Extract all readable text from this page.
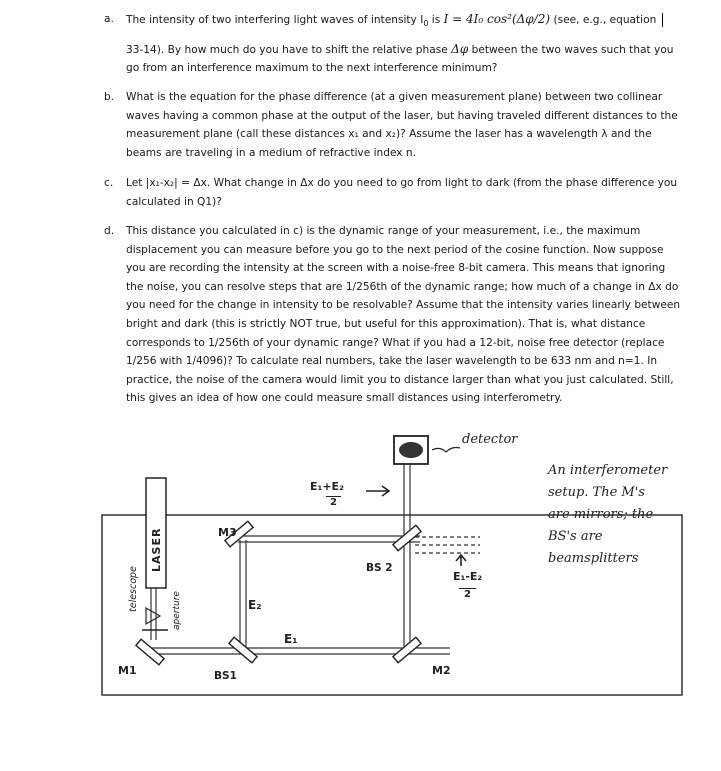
a. The intensity of two interfering light waves of intensity $I_0$ is I = 4I₀ cos²(Δφ/2) (see, e.g., equation
33-14). By how much do you have to shift the relative phase Δφ between the two waves such that you
go from an interference maximum to the next interference minimum?
b. What is the equation for the phase difference (at a given measurement plane) between two collinear
waves having a common phase at the output of the laser, but having traveled different distances to the
measurement plane (call these distances x₁ and x₂)? Assume the laser has a wavelength λ and the
beams are traveling in a medium of refractive index n.
c. Let |x₁-x₂| = Δx. What change in Δx do you need to go from light to dark (from the phase difference you
calculated in Q1)?
d. This distance you calculated in c) is the dynamic range of your measurement, i.e., the maximum
displacement you can measure before you go to the next period of the cosine function. Now suppose
you are recording the intensity at the screen with a noise-free 8-bit camera. This means that ignoring
the noise, you can resolve steps that are 1/256th of the dynamic range; how much of a change in Δx do
you need for the change in intensity to be resolvable? Assume that the intensity varies linearly between
bright and dark (this is strictly NOT true, but useful for this approximation). That is, what distance
corresponds to 1/256th of your dynamic range? What if you had a 12-bit, noise free detector (replace
1/256 with 1/4096)? To calculate real numbers, take the laser wavelength to be 633 nm and n=1. In
practice, the noise of the camera would limit you to distance larger than what you just calculated. Still,
this gives an idea of how one could measure small distances using interferometry.
detector
E₁+E₂
2
M3
BS 2
E₁-E₂
2
E₂
E₁
LASER
telescope	aperture
M1	BS1	M2
An interferometer
setup. The M's
are mirrors; the
BS's are
beamsplitters
